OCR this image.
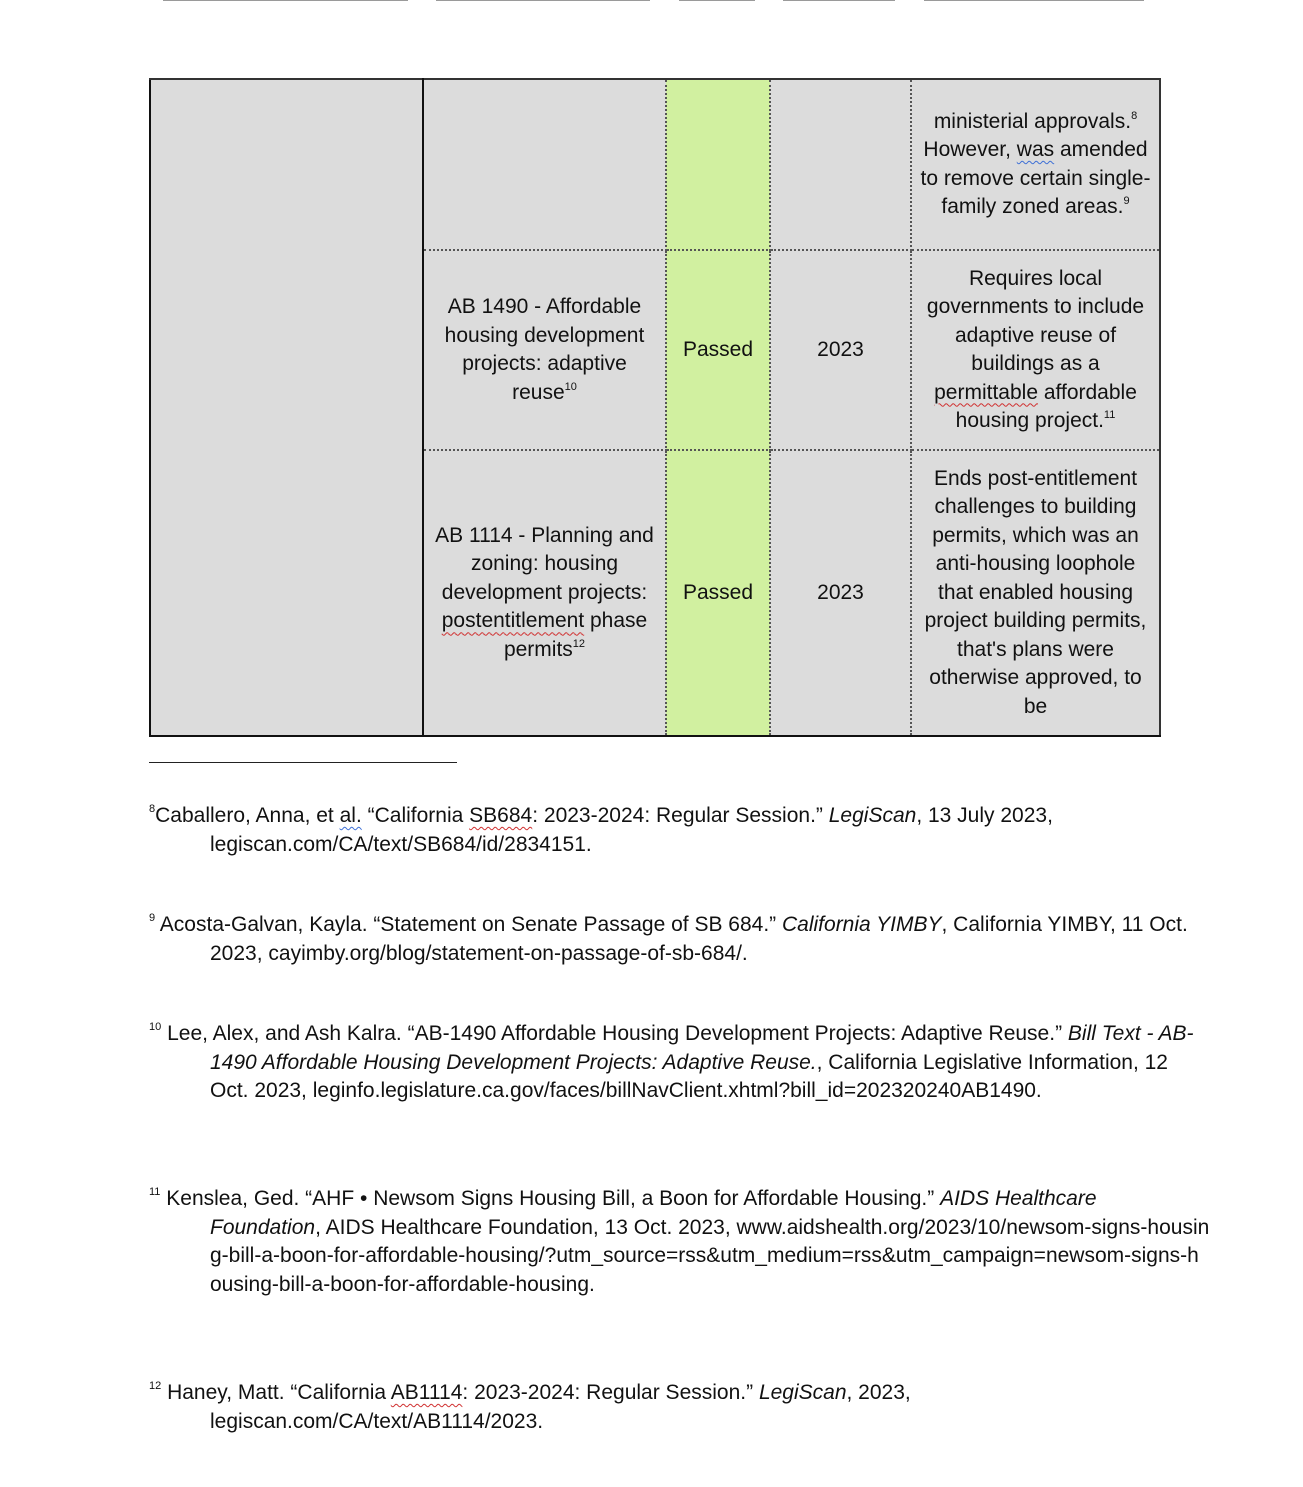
				ministerial approvals.$^8$ However, was amended to remove certain single-family zoned areas.$^9$
	AB 1490 - Affordable housing development projects: adaptive reuse$^{10}$	Passed	2023	Requires local governments to include adaptive reuse of buildings as a permittable affordable housing project.$^{11}$
	AB 1114 - Planning and zoning: housing development projects: postentitlement phase permits$^{12}$	Passed	2023	Ends post-entitlement challenges to building permits, which was an anti-housing loophole that enabled housing project building permits, that's plans were otherwise approved, to be
$^8$Caballero, Anna, et al. “California SB684: 2023-2024: Regular Session.” LegiScan, 13 July 2023, legiscan.com/CA/text/SB684/id/2834151.
$^9$ Acosta-Galvan, Kayla. “Statement on Senate Passage of SB 684.” California YIMBY, California YIMBY, 11 Oct. 2023, cayimby.org/blog/statement-on-passage-of-sb-684/.
$^{10}$ Lee, Alex, and Ash Kalra. “AB-1490 Affordable Housing Development Projects: Adaptive Reuse.” Bill Text - AB-1490 Affordable Housing Development Projects: Adaptive Reuse., California Legislative Information, 12 Oct. 2023, leginfo.legislature.ca.gov/faces/billNavClient.xhtml?bill_id=202320240AB1490.
$^{11}$ Kenslea, Ged. “AHF • Newsom Signs Housing Bill, a Boon for Affordable Housing.” AIDS Healthcare Foundation, AIDS Healthcare Foundation, 13 Oct. 2023, www.aidshealth.org/2023/10/newsom-signs-housing-bill-a-boon-for-affordable-housing/?utm_source=rss&utm_medium=rss&utm_campaign=newsom-signs-housing-bill-a-boon-for-affordable-housing.
$^{12}$ Haney, Matt. “California AB1114: 2023-2024: Regular Session.” LegiScan, 2023, legiscan.com/CA/text/AB1114/2023.
